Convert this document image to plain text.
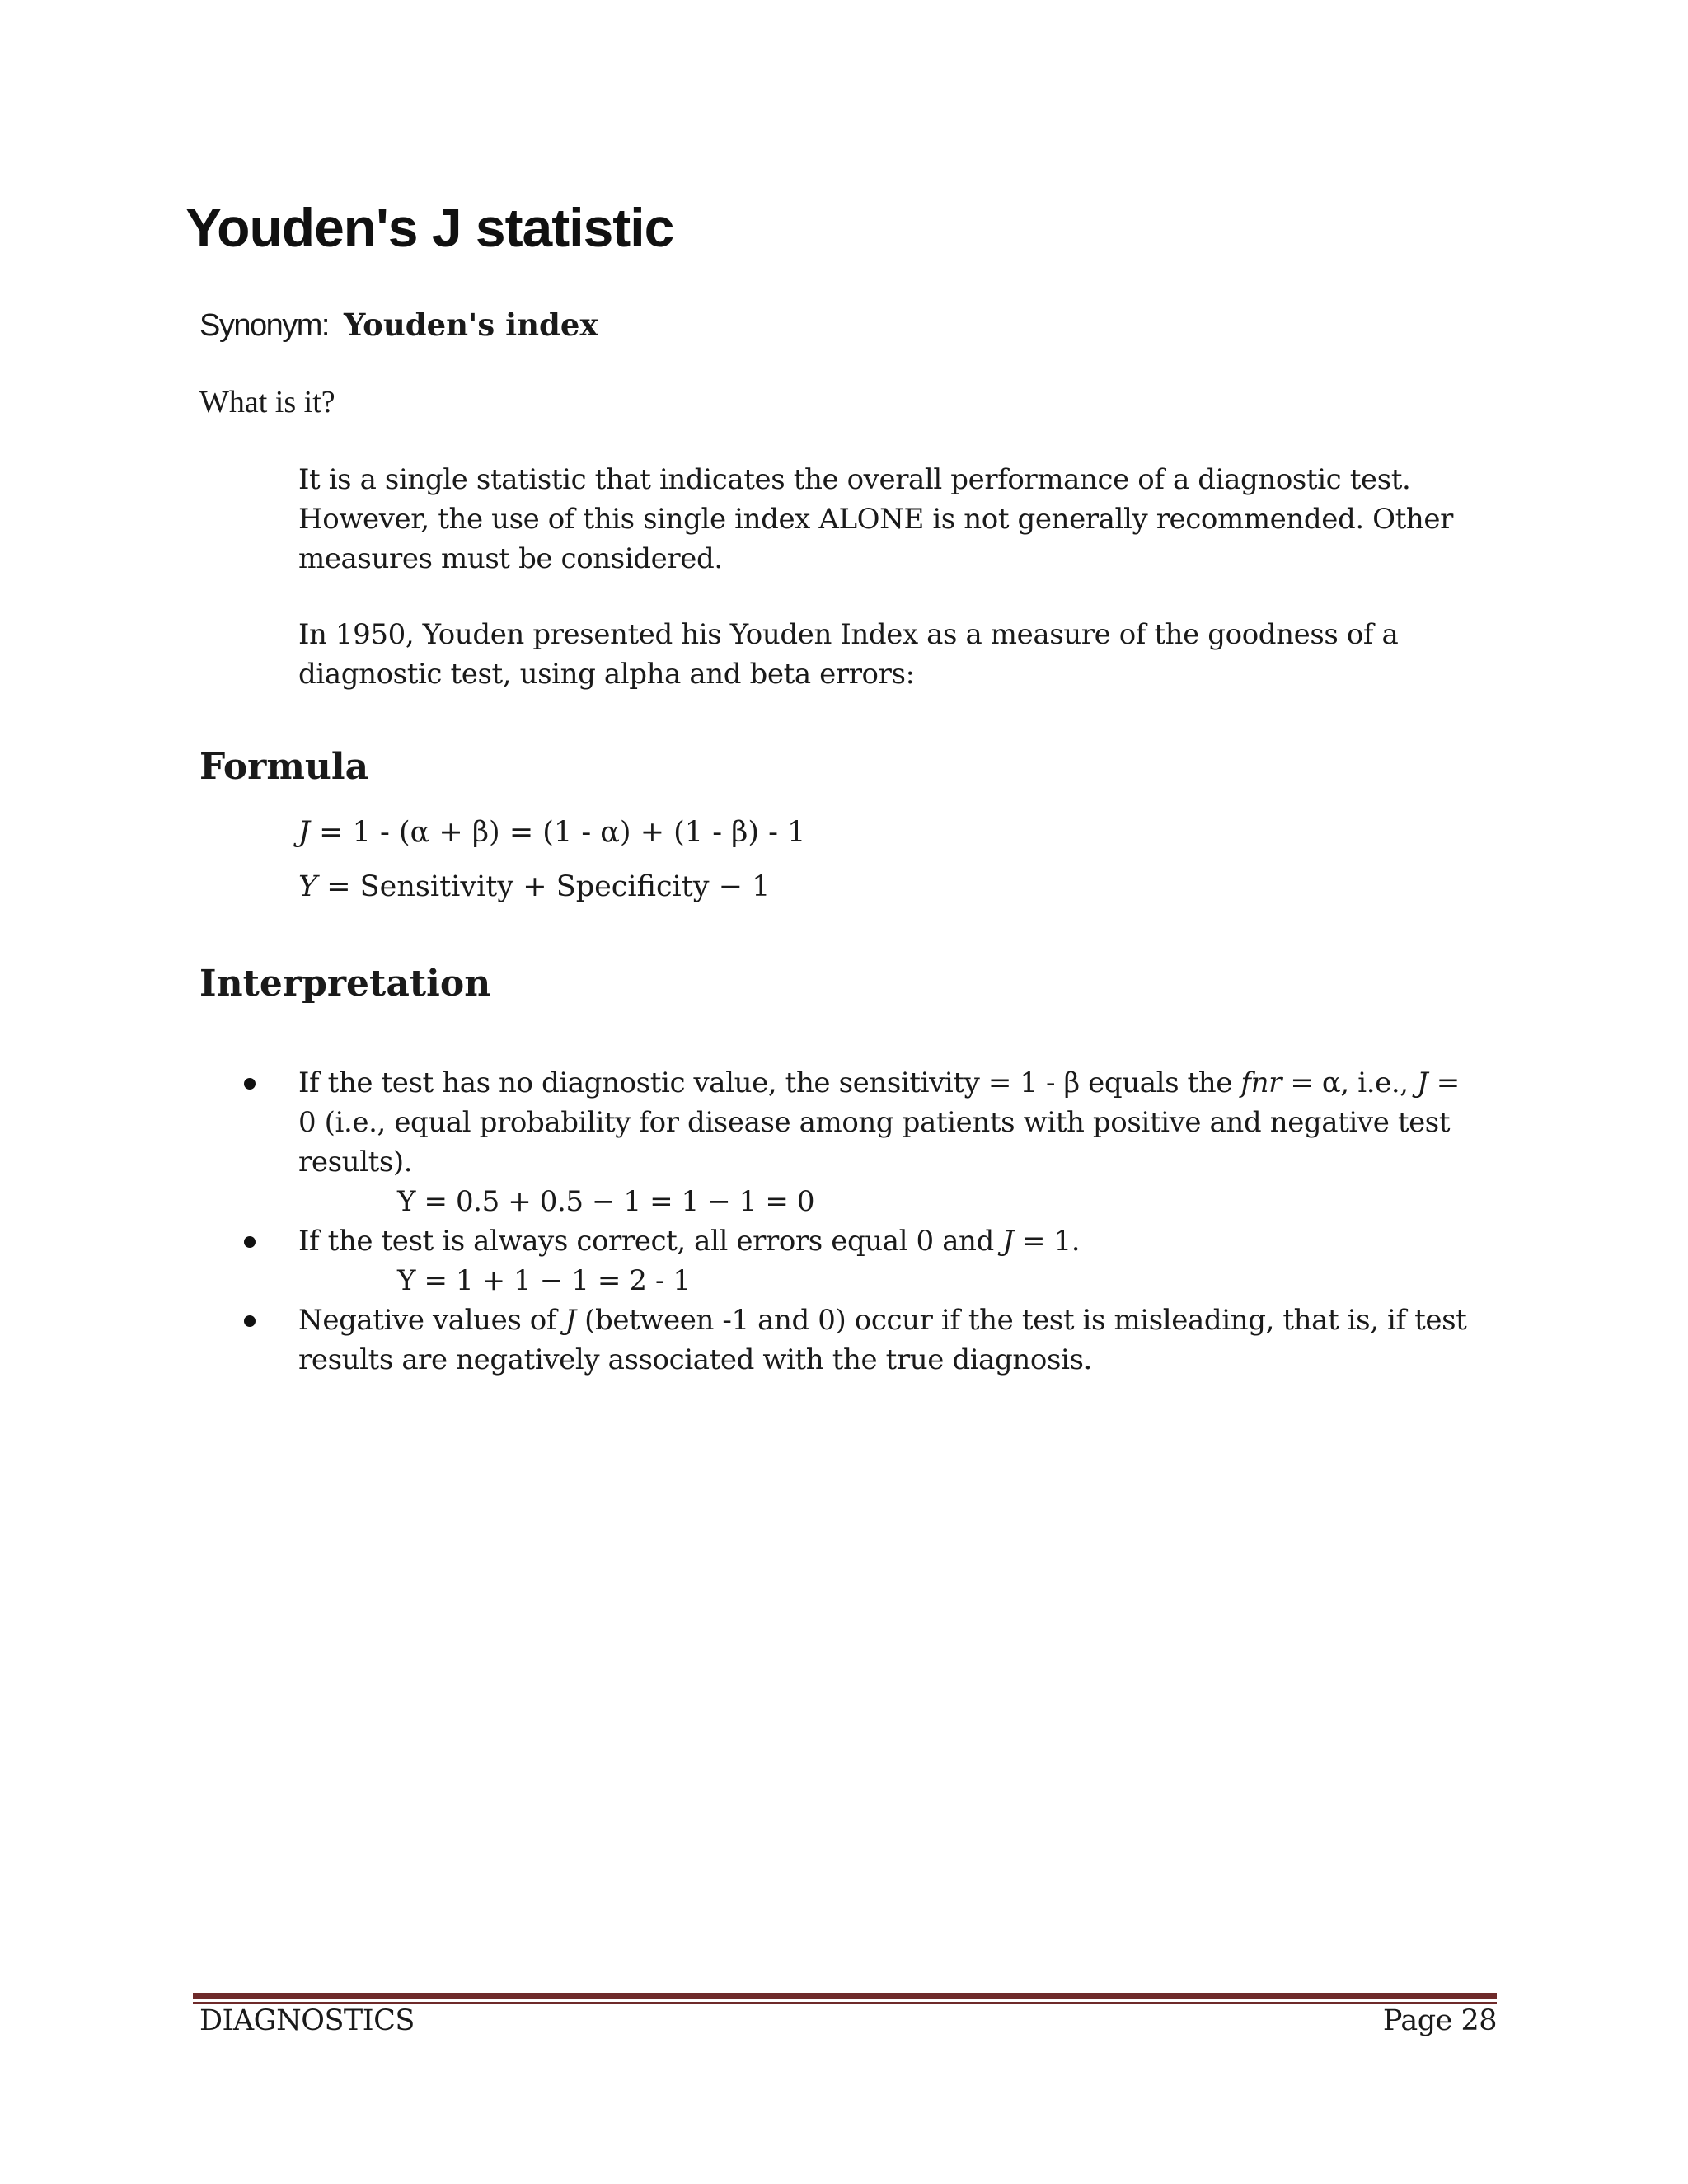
Youden's J statistic
Synonym: Youden's index
What is it?

It is a single statistic that indicates the overall performance of a diagnostic test.
However, the use of this single index ALONE is not generally recommended. Other
measures must be considered.

In 1950, Youden presented his Youden Index as a measure of the goodness of a
diagnostic test, using alpha and beta errors:

Formula

J = 1 - (α + β) = (1 - α) + (1 - β) - 1

Y = Sensitivity + Specificity − 1

Interpretation
If the test has no diagnostic value, the sensitivity = 1 - β equals the fnr = α, i.e., J = 0 (i.e., equal probability for disease among patients with positive and negative test results).
Y = 0.5 + 0.5 − 1 = 1 − 1 = 0
If the test is always correct, all errors equal 0 and J = 1.
Y = 1 + 1 − 1 = 2 - 1
Negative values of J (between -1 and 0) occur if the test is misleading, that is, if test results are negatively associated with the true diagnosis.
DIAGNOSTICS	Page 28
